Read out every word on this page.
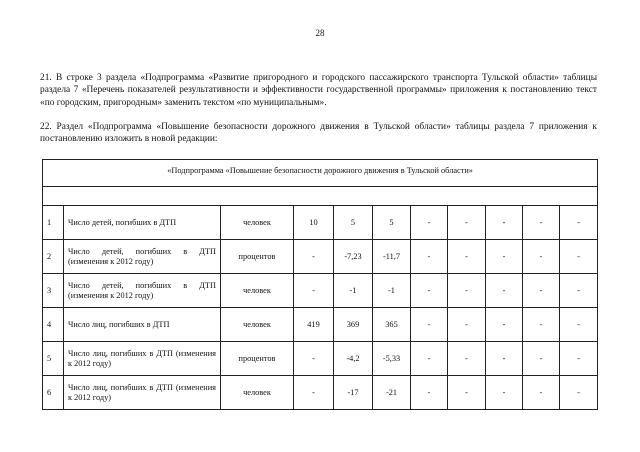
28
21. В строке 3 раздела «Подпрограмма «Развитие пригородного и городского пассажирского транспорта Тульской области» таблицы раздела 7 «Перечень показателей результативности и эффективности государственной программы» приложения к постановлению текст «по городским, пригородным» заменить текстом «по муниципальным».
22. Раздел «Подпрограмма «Повышение безопасности дорожного движения в Тульской области» таблицы раздела 7 приложения к постановлению изложить в новой редакции:
«Подпрограмма «Повышение безопасности дорожного движения в Тульской области»										

1	Число детей, погибших в ДТП	человек	10	5	5	-	-	-	-	-
2	Число детей, погибших в ДТП (изменения к 2012 году)	процентов	-	-7,23	-11,7	-	-	-	-	-
3	Число детей, погибших в ДТП (изменения к 2012 году)	человек	-	-1	-1	-	-	-	-	-
4	Число лиц, погибших в ДТП	человек	419	369	365	-	-	-	-	-
5	Число лиц, погибших в ДТП (изменения к 2012 году)	процентов	-	-4,2	-5,33	-	-	-	-	-
6	Число лиц, погибших в ДТП (изменения к 2012 году)	человек	-	-17	-21	-	-	-	-	-
